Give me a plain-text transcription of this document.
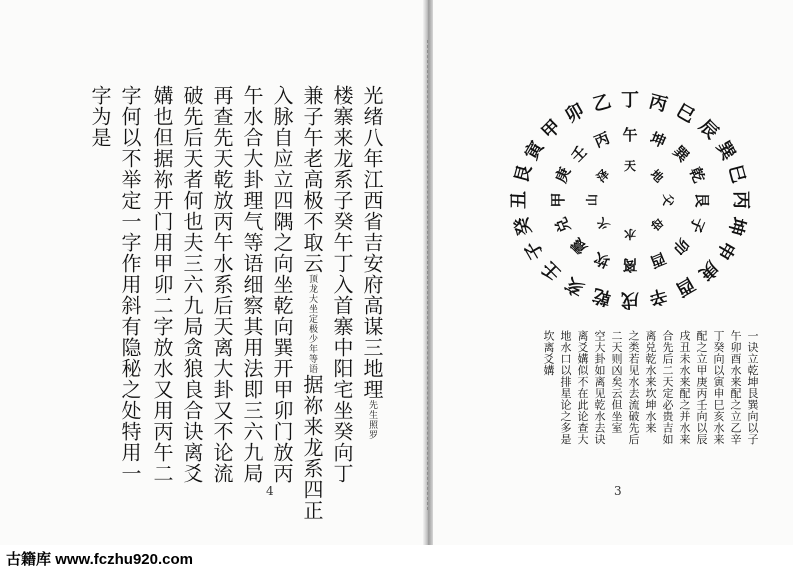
光绪八年江西省吉安府高谋三地理先生照罗
楼寨来龙系子癸午丁入首寨中阳宅坐癸向丁
兼子午老高极不取云顶龙大坐定极少年等语据祢来龙系四正
入脉自应立四隅之向坐乾向巽开甲卯门放丙
午水合大卦理气等语细察其用法即三六九局
再查先天乾放丙午水系后天离大卦又不论流
破先后天者何也夫三六九局贪狼良合诀离爻
媾也但据祢开门用甲卯二字放水又用丙午二
字何以不举定一字作用斜有隐秘之处特用一
字为是
4	3
丁 丙 巳
辰
巽
巳
丙
坤
申
庚
酉
辛
戌
乾
亥
壬
子
癸
丑
艮
寅
甲
卯 乙
午 坤
巽
乾
艮
子
卯
酉
离
坎
震
兑
甲
庚
壬
丙
天
地
父
母
水
火
山
泽
一诀立乾坤艮巽向以子
午卯酉水来配之立乙辛
丁癸向以寅申巳亥水来
配之立甲庚丙壬向以辰
戌丑未水来配之并水来
合先后二天定必贵吉如
离兑乾水来坎坤水来
之类若见水去流破先后
二天则凶矣云但坐室
空大卦如离见乾水去诀
离爻媾似不在此论查大
地水口以排星论之多是
坎离爻媾
古籍库 www.fczhu920.com
